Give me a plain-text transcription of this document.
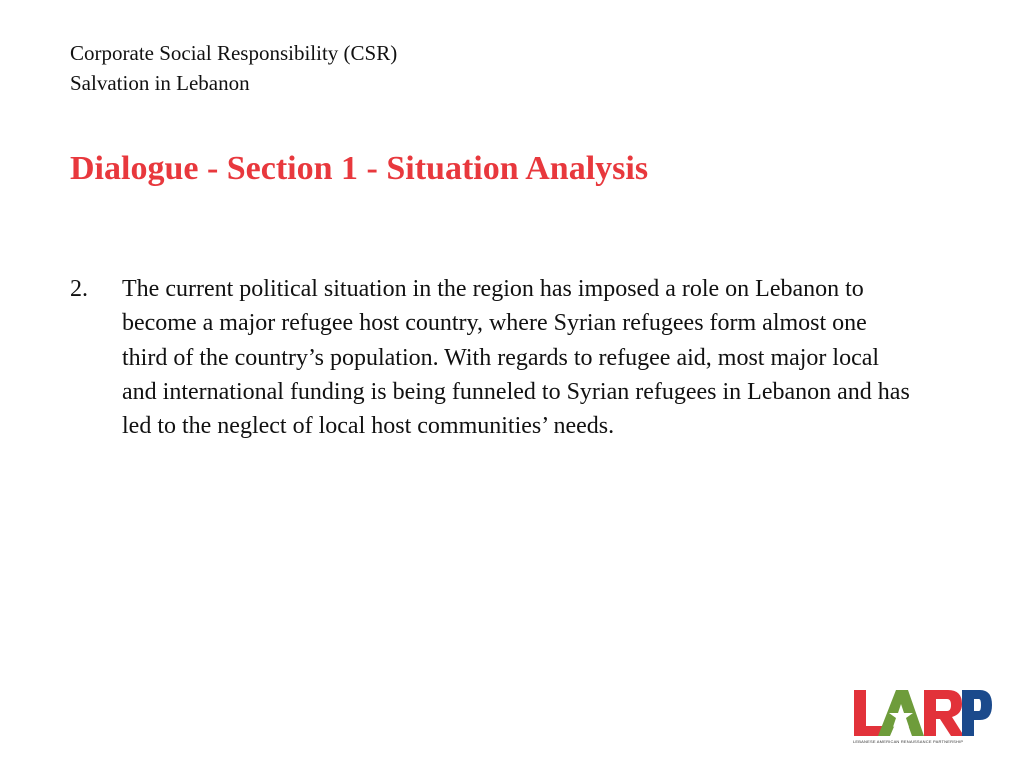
Corporate Social Responsibility (CSR)
Salvation in Lebanon
Dialogue - Section 1 - Situation Analysis
2.	The current political situation in the region has imposed a role on Lebanon to become a major refugee host country, where Syrian refugees form almost one third of the country’s population. With regards to refugee aid, most major local and international funding is being funneled to Syrian refugees in Lebanon and has led to the neglect of local host communities’ needs.
LEBANESE AMERICAN RENAISSANCE PARTNERSHIP
